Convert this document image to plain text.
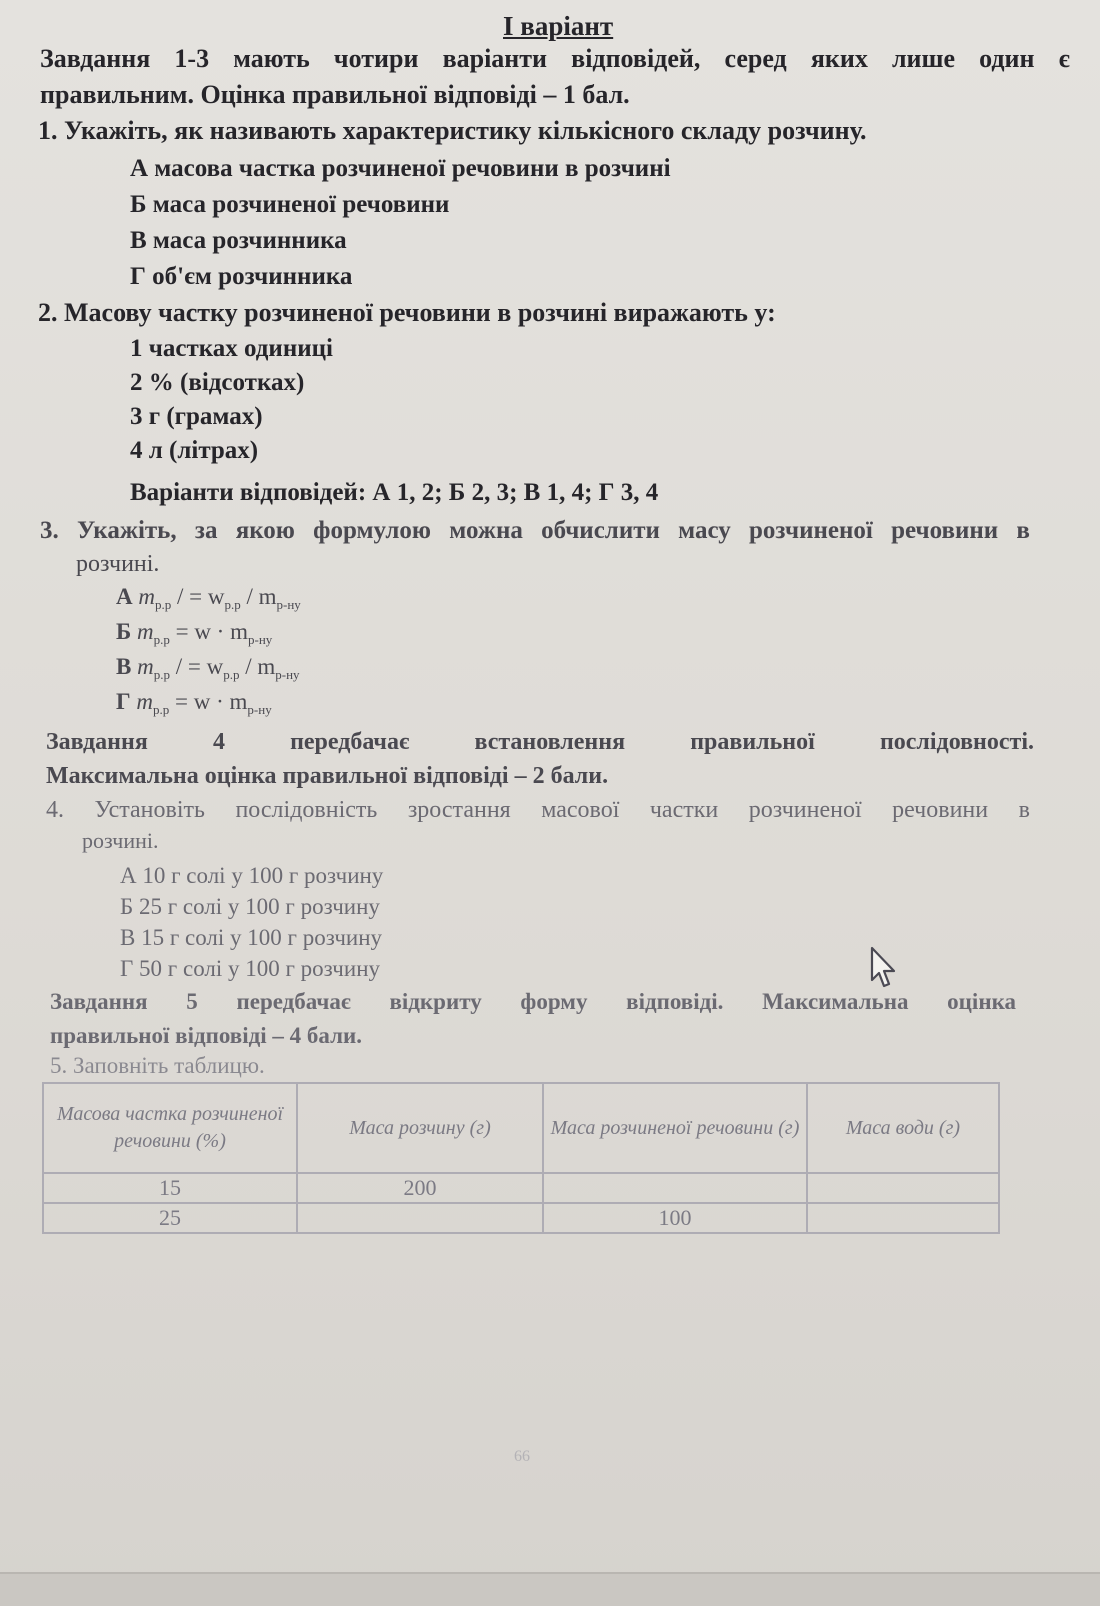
І варіант
Завдання 1-3 мають чотири варіанти відповідей, серед яких лише один є
правильним. Оцінка правильної відповіді – 1 бал.
1. Укажіть, як називають характеристику кількісного складу розчину.
А масова частка розчиненої речовини в розчині
Б маса розчиненої речовини
В маса розчинника
Г об'єм розчинника
2. Масову частку розчиненої речовини в розчині виражають у:
1 частках одиниці
2 % (відсотках)
3 г (грамах)
4 л (літрах)
Варіанти відповідей: А 1, 2; Б 2, 3; В 1, 4; Г 3, 4
3. Укажіть, за якою формулою можна обчислити масу розчиненої речовини в
розчині.
А $m_{р.р}$ / = $w_{р.р} / m_{р-ну}$
Б $m_{р.р} = w \cdot m_{р-ну}$
В $m_{р.р}$ / = $w_{р.р} / m_{р-ну}$
Г $m_{р.р} = w \cdot m_{р-ну}$
Завдання	4	передбачає	встановлення	правильної	послідовності.
Максимальна оцінка правильної відповіді – 2 бали.
4. Установіть послідовність зростання масової частки розчиненої речовини в
розчині.
А 10 г солі у 100 г розчину
Б 25 г солі у 100 г розчину
В 15 г солі у 100 г розчину
Г 50 г солі у 100 г розчину
Завдання 5 передбачає відкриту форму відповіді. Максимальна оцінка
правильної відповіді – 4 бали.
5. Заповніть таблицю.
Масова частка розчиненої речовини (%)	Маса розчину (г)	Маса розчиненої речовини (г)	Маса води (г)
15	200		
25		100	
66
